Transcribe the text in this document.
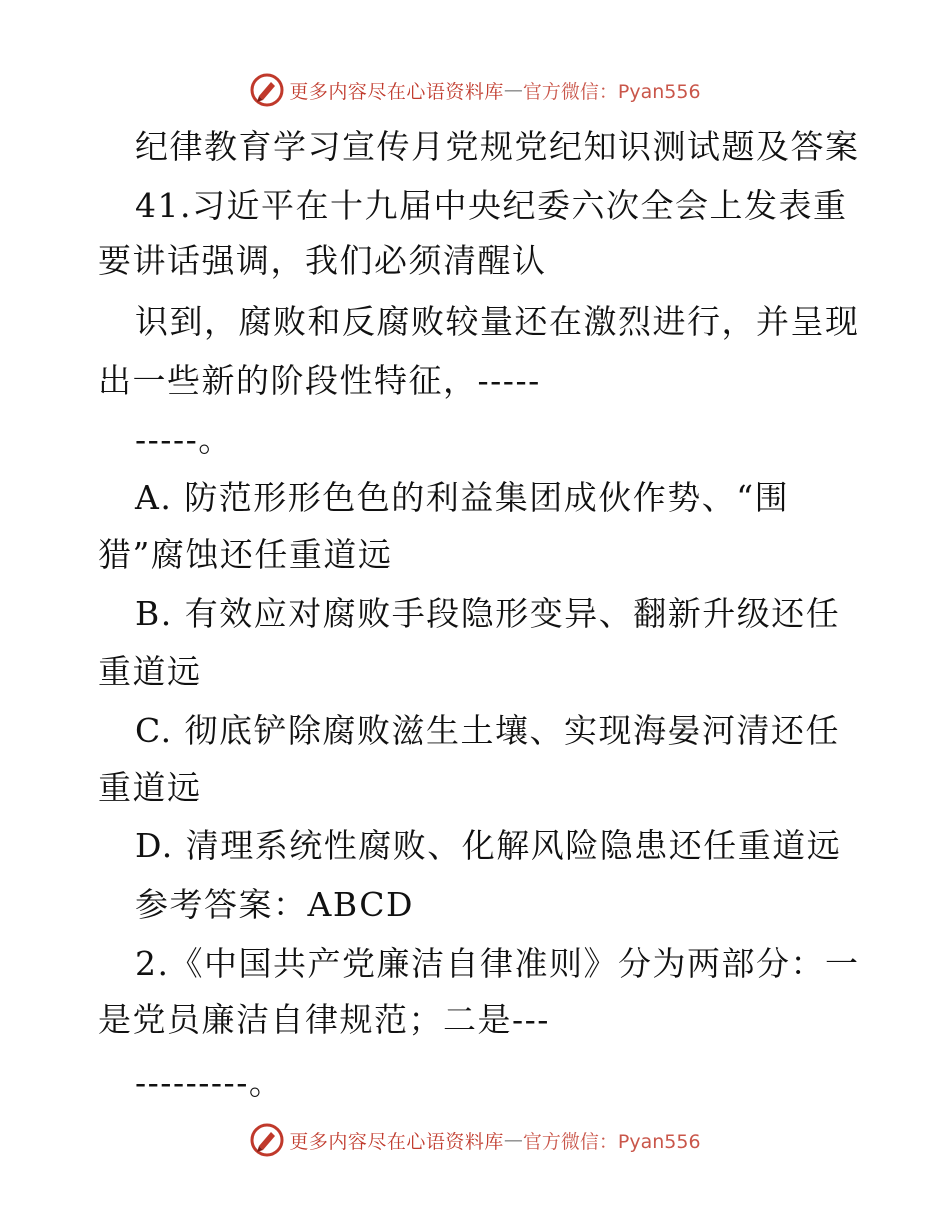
更多内容尽在心语资料库 — 官方微信：Pyan556
纪律教育学习宣传月党规党纪知识测试题及答案
41.习近平在十九届中央纪委六次全会上发表重
要讲话强调，我们必须清醒认
识到，腐败和反腐败较量还在激烈进行，并呈现
出一些新的阶段性特征，-----
-----。
A. 防范形形色色的利益集团成伙作势、“围
猎”腐蚀还任重道远
B. 有效应对腐败手段隐形变异、翻新升级还任
重道远
C. 彻底铲除腐败滋生土壤、实现海晏河清还任
重道远
D. 清理系统性腐败、化解风险隐患还任重道远
参考答案：ABCD
2.《中国共产党廉洁自律准则》分为两部分：一
是党员廉洁自律规范；二是---
---------。
更多内容尽在心语资料库 — 官方微信：Pyan556
